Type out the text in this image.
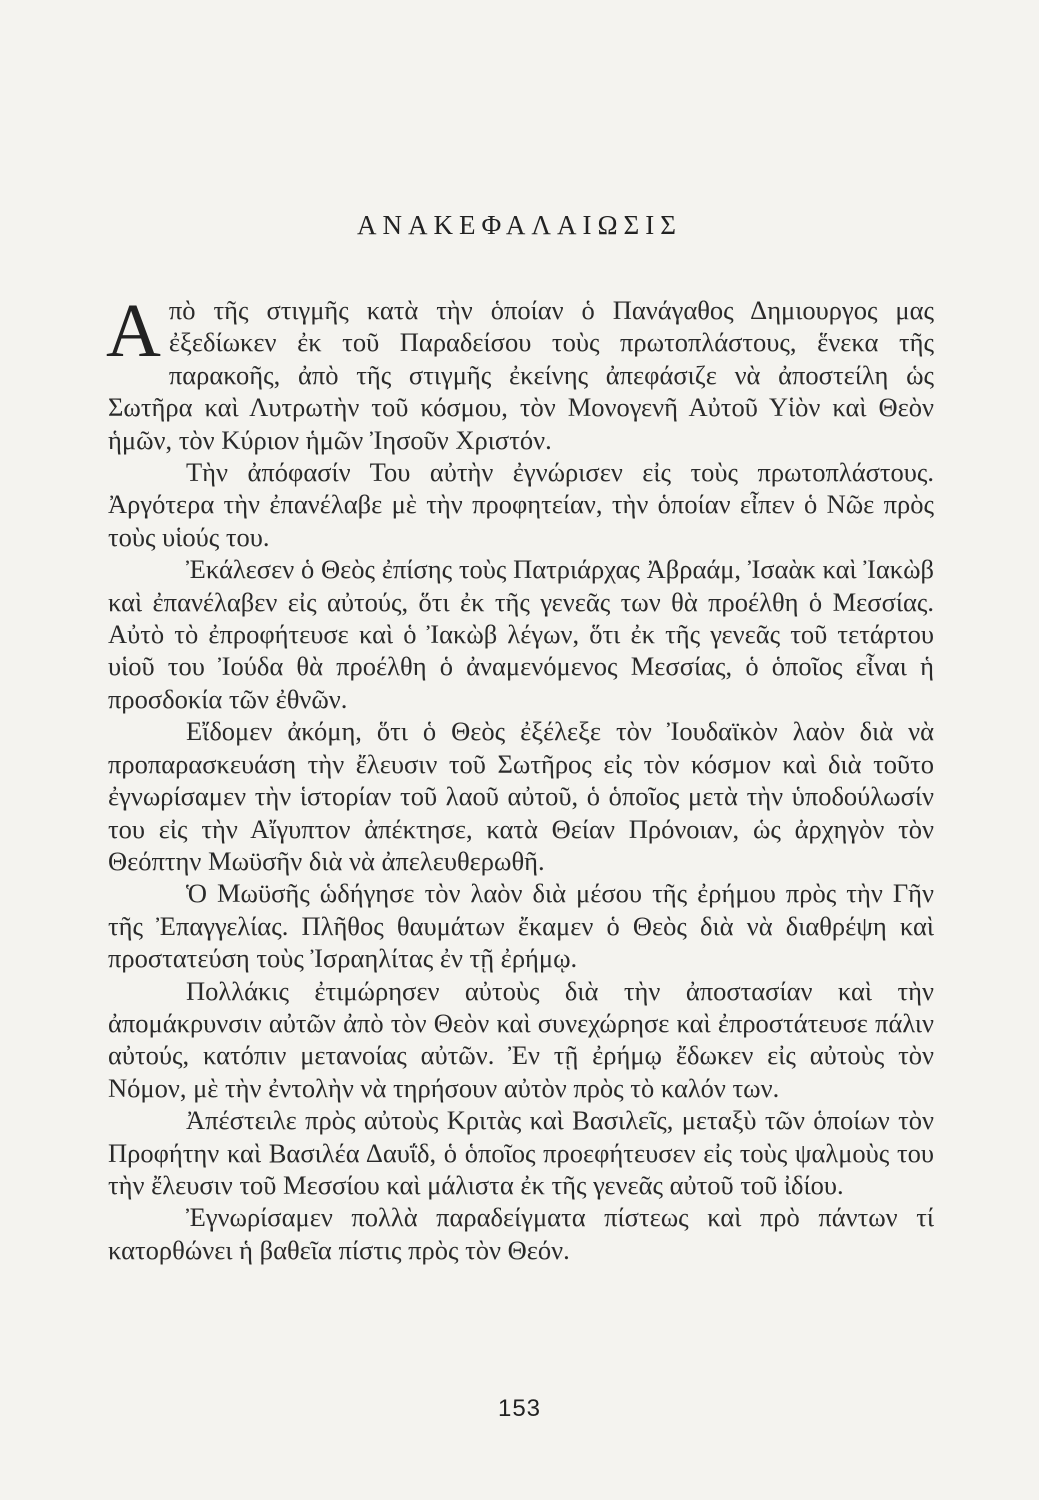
ΑΝΑΚΕΦΑΛΑΙΩΣΙΣ

Απὸ τῆς στιγμῆς κατὰ τὴν ὁποίαν ὁ Πανάγαθος Δημιουργος μας ἐξεδίωκεν ἐκ τοῦ Παραδείσου τοὺς πρωτοπλάστους, ἕνεκα τῆς παρακοῆς, ἀπὸ τῆς στιγμῆς ἐκείνης ἀπεφάσιζε νὰ ἀποστείλη ὡς Σωτῆρα καὶ Λυτρωτὴν τοῦ κόσμου, τὸν Μονογενῆ Αὐτοῦ Υἱὸν καὶ Θεὸν ἡμῶν, τὸν Κύριον ἡμῶν Ἰησοῦν Χριστόν.

Τὴν ἀπόφασίν Του αὐτὴν ἐγνώρισεν εἰς τοὺς πρωτοπλάστους. Ἀργότερα τὴν ἐπανέλαβε μὲ τὴν προφητείαν, τὴν ὁποίαν εἶπεν ὁ Νῶε πρὸς τοὺς υἱούς του.

Ἐκάλεσεν ὁ Θεὸς ἐπίσης τοὺς Πατριάρχας Ἀβραάμ, Ἰσαὰκ καὶ Ἰακὼβ καὶ ἐπανέλαβεν εἰς αὐτούς, ὅτι ἐκ τῆς γενεᾶς των θὰ προέλθη ὁ Μεσσίας. Αὐτὸ τὸ ἐπροφήτευσε καὶ ὁ Ἰακὼβ λέγων, ὅτι ἐκ τῆς γενεᾶς τοῦ τετάρτου υἱοῦ του Ἰούδα θὰ προέλθη ὁ ἀναμενόμενος Μεσσίας, ὁ ὁποῖος εἶναι ἡ προσδοκία τῶν ἐθνῶν.

Εἴδομεν ἀκόμη, ὅτι ὁ Θεὸς ἐξέλεξε τὸν Ἰουδαϊκὸν λαὸν διὰ νὰ προπαρασκευάση τὴν ἔλευσιν τοῦ Σωτῆρος εἰς τὸν κόσμον καὶ διὰ τοῦτο ἐγνωρίσαμεν τὴν ἱστορίαν τοῦ λαοῦ αὐτοῦ, ὁ ὁποῖος μετὰ τὴν ὑποδούλωσίν του εἰς τὴν Αἴγυπτον ἀπέκτησε, κατὰ Θείαν Πρόνοιαν, ὡς ἀρχηγὸν τὸν Θεόπτην Μωϋσῆν διὰ νὰ ἀπελευθερωθῆ.

Ὁ Μωϋσῆς ὡδήγησε τὸν λαὸν διὰ μέσου τῆς ἐρήμου πρὸς τὴν Γῆν τῆς Ἐπαγγελίας. Πλῆθος θαυμάτων ἔκαμεν ὁ Θεὸς διὰ νὰ διαθρέψη καὶ προστατεύση τοὺς Ἰσραηλίτας ἐν τῇ ἐρήμῳ.

Πολλάκις ἐτιμώρησεν αὐτοὺς διὰ τὴν ἀποστασίαν καὶ τὴν ἀπομάκρυνσιν αὐτῶν ἀπὸ τὸν Θεὸν καὶ συνεχώρησε καὶ ἐπροστάτευσε πάλιν αὐτούς, κατόπιν μετανοίας αὐτῶν. Ἐν τῇ ἐρήμῳ ἔδωκεν εἰς αὐτοὺς τὸν Νόμον, μὲ τὴν ἐντολὴν νὰ τηρήσουν αὐτὸν πρὸς τὸ καλόν των.

Ἀπέστειλε πρὸς αὐτοὺς Κριτὰς καὶ Βασιλεῖς, μεταξὺ τῶν ὁποίων τὸν Προφήτην καὶ Βασιλέα Δαυΐδ, ὁ ὁποῖος προεφήτευσεν εἰς τοὺς ψαλμοὺς του τὴν ἔλευσιν τοῦ Μεσσίου καὶ μάλιστα ἐκ τῆς γενεᾶς αὐτοῦ τοῦ ἰδίου.

Ἐγνωρίσαμεν πολλὰ παραδείγματα πίστεως καὶ πρὸ πάντων τί κατορθώνει ἡ βαθεῖα πίστις πρὸς τὸν Θεόν.

153
